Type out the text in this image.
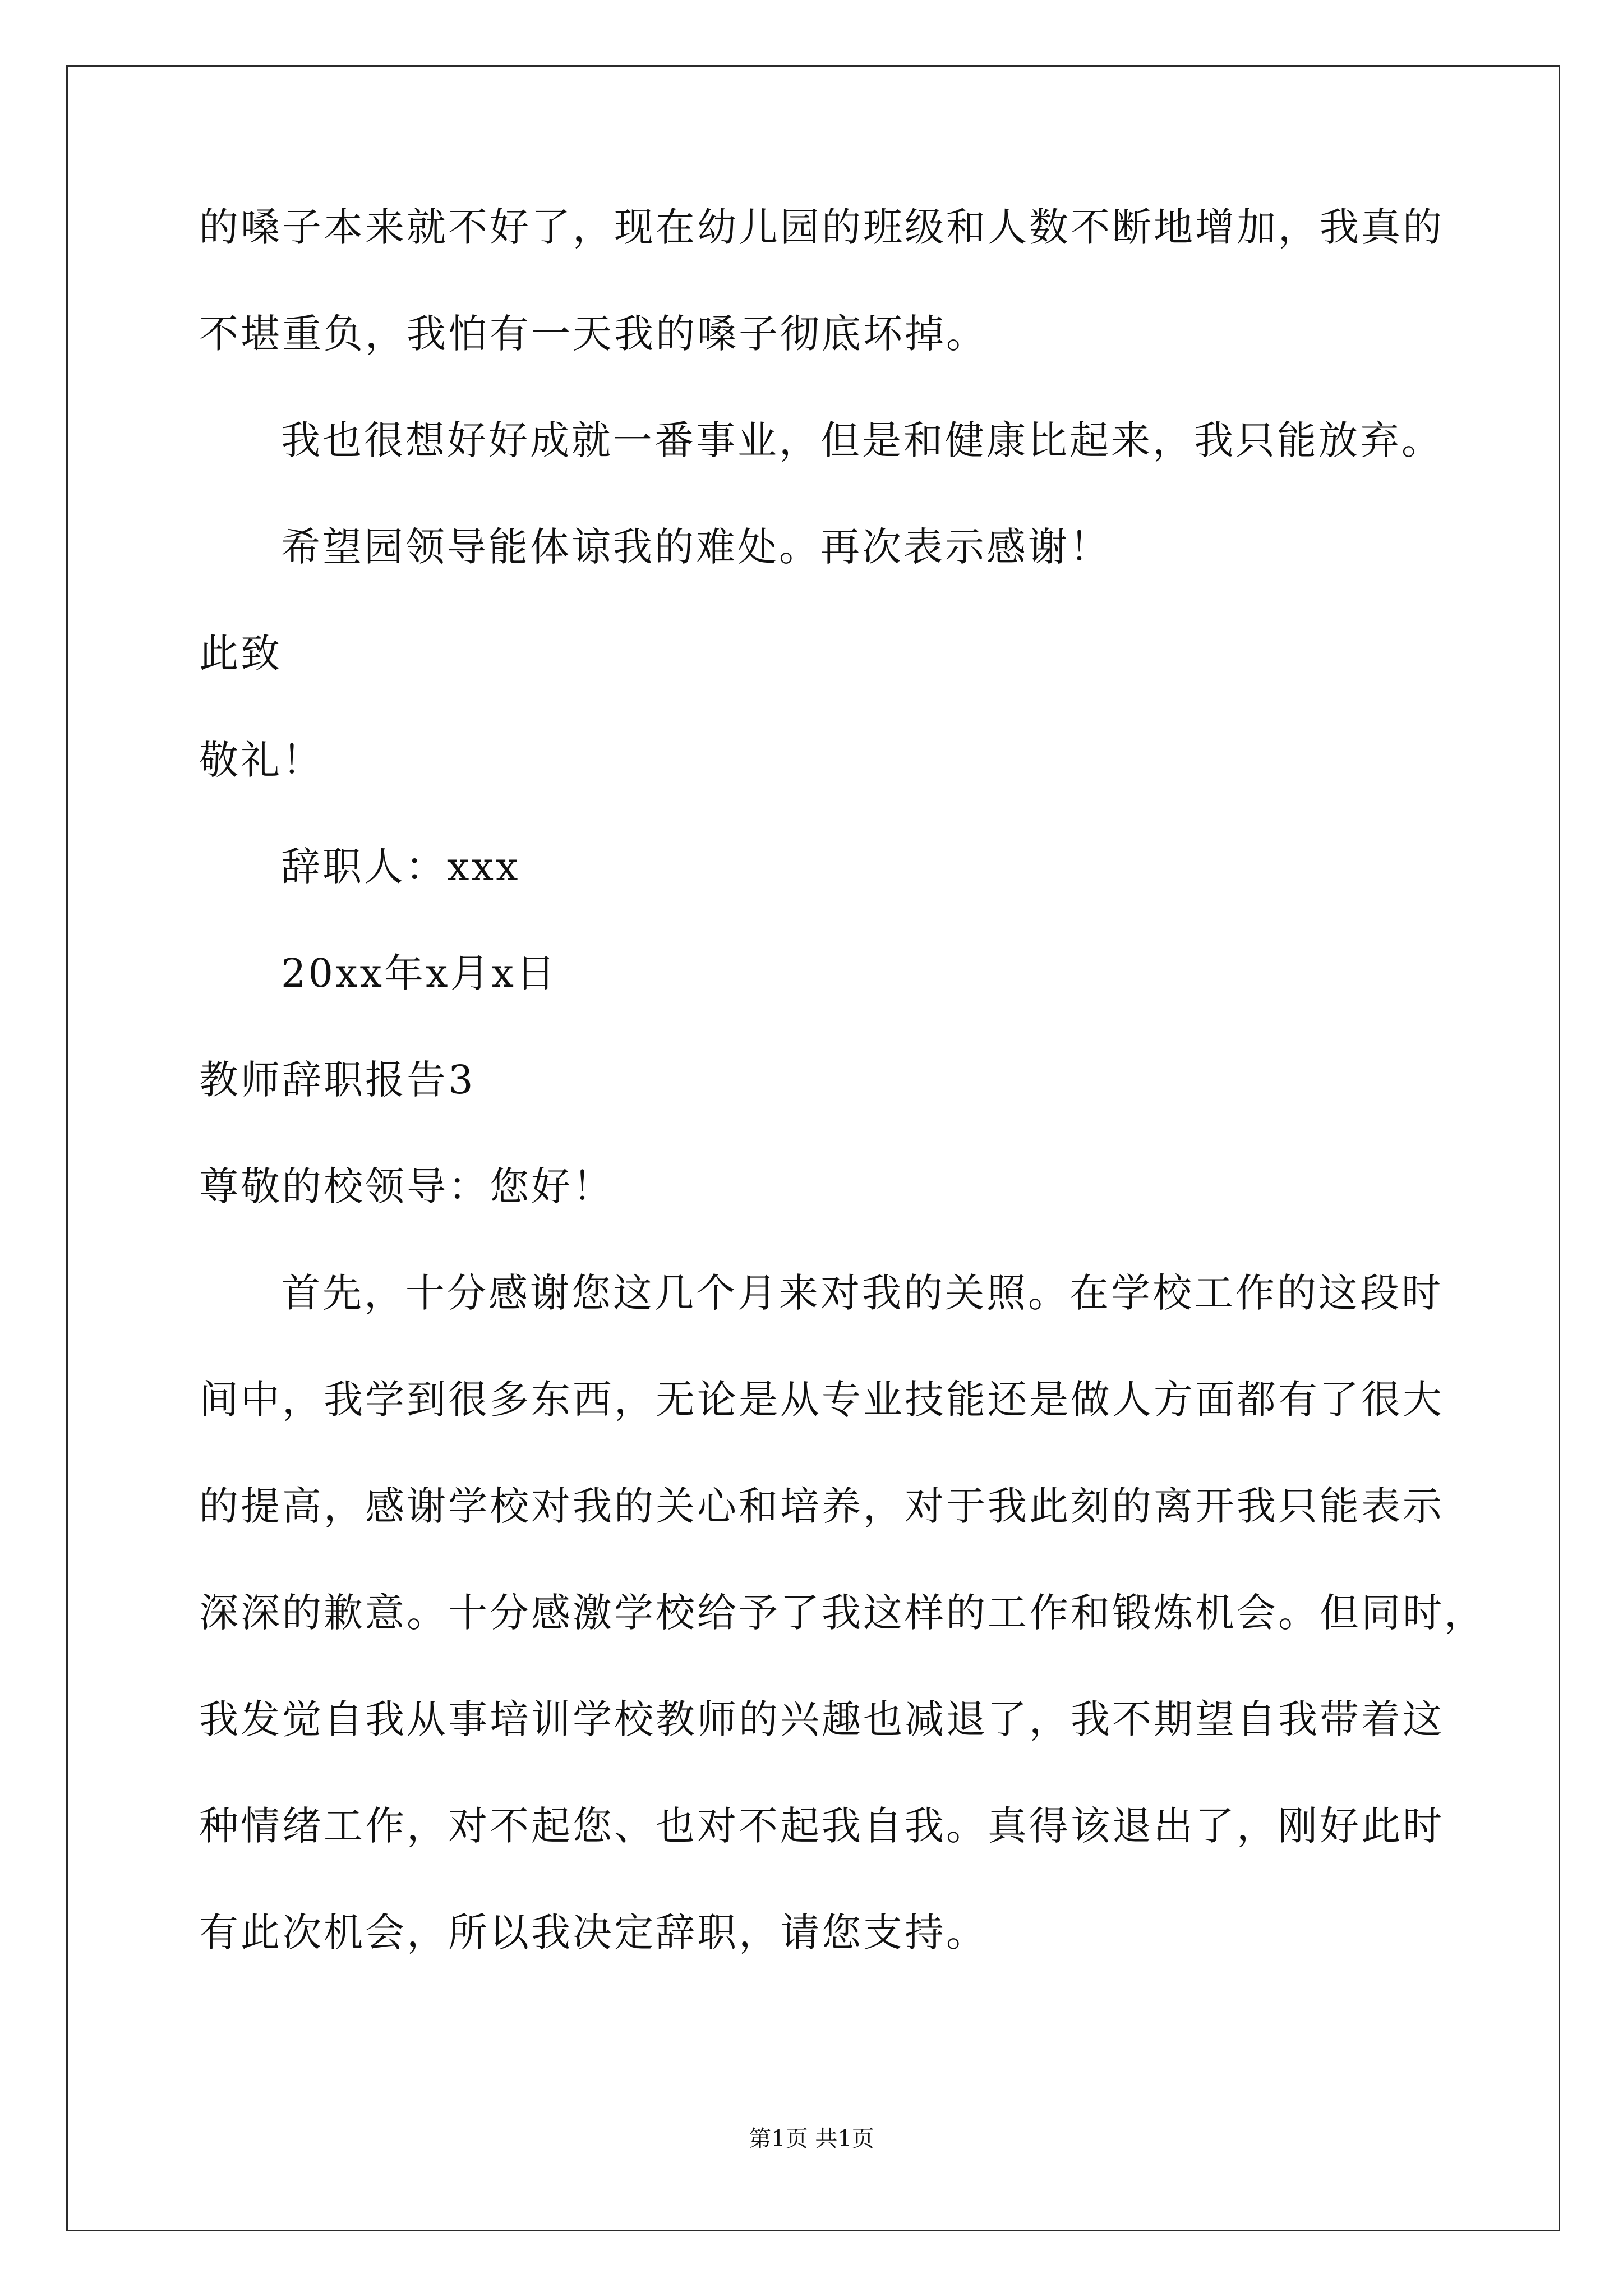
的嗓子本来就不好了，现在幼儿园的班级和人数不断地增加，我真的
不堪重负，我怕有一天我的嗓子彻底坏掉。
我也很想好好成就一番事业，但是和健康比起来，我只能放弃。
希望园领导能体谅我的难处。再次表示感谢！
此致
敬礼！
辞职人：xxx
20xx年x月x日
教师辞职报告3
尊敬的校领导：您好！
首先，十分感谢您这几个月来对我的关照。在学校工作的这段时
间中，我学到很多东西，无论是从专业技能还是做人方面都有了很大
的提高，感谢学校对我的关心和培养，对于我此刻的离开我只能表示
深深的歉意。十分感激学校给予了我这样的工作和锻炼机会。但同时，
我发觉自我从事培训学校教师的兴趣也减退了，我不期望自我带着这
种情绪工作，对不起您、也对不起我自我。真得该退出了，刚好此时
有此次机会，所以我决定辞职，请您支持。
第1页 共1页
